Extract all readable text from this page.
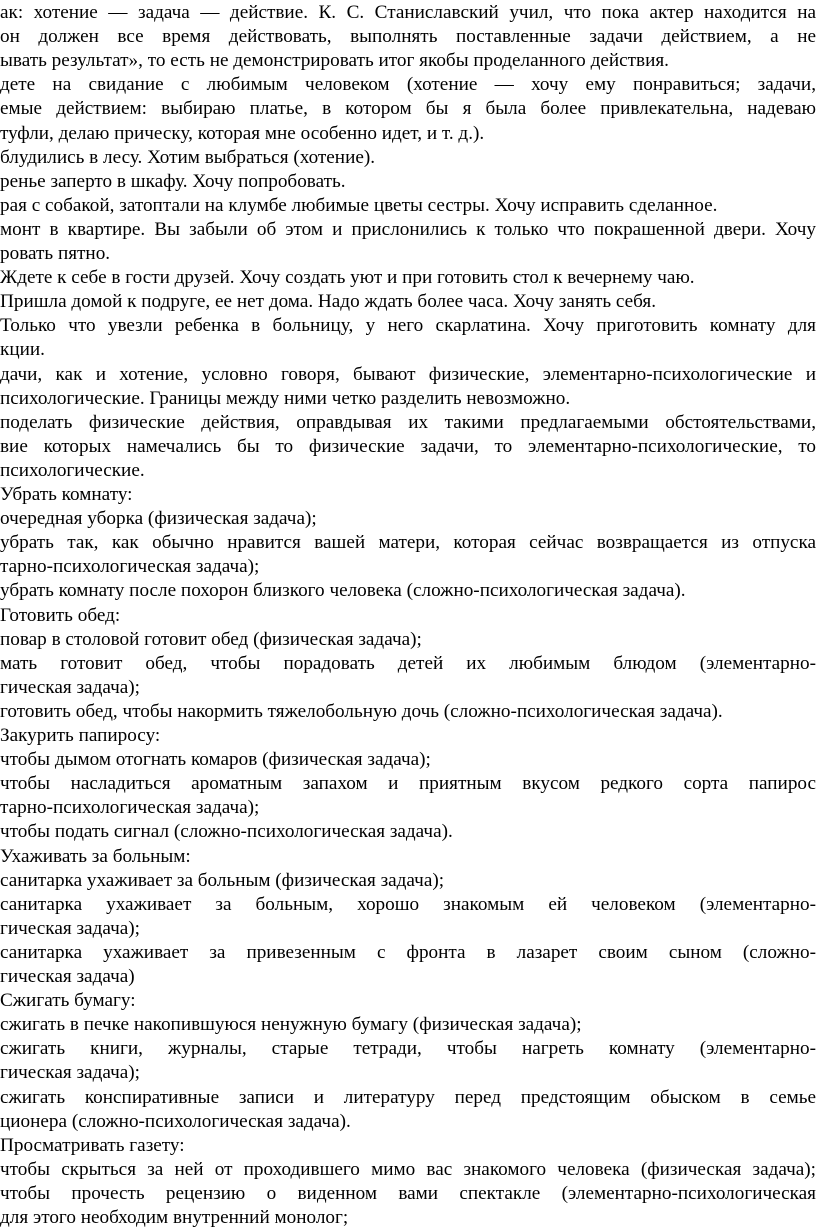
ак: хотение — задача — действие. К. С. Станиславский учил, что пока актер находится на
он должен все время действовать, выполнять поставленные задачи действием, а не
ывать результат», то есть не демонстрировать итог якобы проделанного действия.
дете на свидание с любимым человеком (хотение — хочу ему понравиться; задачи,
емые действием: выбираю платье, в котором бы я была более привлекательна, надеваю
туфли, делаю прическу, которая мне особенно идет, и т. д.).
блудились в лесу. Хотим выбраться (хотение).
ренье заперто в шкафу. Хочу попробовать.
рая с собакой, затоптали на клумбе любимые цветы сестры. Хочу исправить сделанное.
монт в квартире. Вы забыли об этом и прислонились к только что покрашенной двери. Хочу
ровать пятно.
Ждете к себе в гости друзей. Хочу создать уют и при готовить стол к вечернему чаю.
Пришла домой к подруге, ее нет дома. Надо ждать более часа. Хочу занять себя.
Только что увезли ребенка в больницу, у него скарлатина. Хочу приготовить комнату для
кции.
дачи, как и хотение, условно говоря, бывают физические, элементарно-психологические и
психологические. Границы между ними четко разделить невозможно.
поделать физические действия, оправдывая их такими предлагаемыми обстоятельствами,
вие которых намечались бы то физические задачи, то элементарно-психологические, то
психологические.
Убрать комнату:
очередная уборка (физическая задача);
убрать так, как обычно нравится вашей матери, которая сейчас возвращается из отпуска
тарно-психологическая задача);
убрать комнату после похорон близкого человека (сложно-психологическая задача).
Готовить обед:
повар в столовой готовит обед (физическая задача);
мать готовит обед, чтобы порадовать детей их любимым блюдом (элементарно-
гическая задача);
готовить обед, чтобы накормить тяжелобольную дочь (сложно-психологическая задача).
Закурить папиросу:
чтобы дымом отогнать комаров (физическая задача);
чтобы насладиться ароматным запахом и приятным вкусом редкого сорта папирос
тарно-психологическая задача);
чтобы подать сигнал (сложно-психологическая задача).
Ухаживать за больным:
санитарка ухаживает за больным (физическая задача);
санитарка ухаживает за больным, хорошо знакомым ей человеком (элементарно-
гическая задача);
санитарка ухаживает за привезенным с фронта в лазарет своим сыном (сложно-
гическая задача)
Сжигать бумагу:
сжигать в печке накопившуюся ненужную бумагу (физическая задача);
сжигать книги, журналы, старые тетради, чтобы нагреть комнату (элементарно-
гическая задача);
сжигать конспиративные записи и литературу перед предстоящим обыском в семье
ционера (сложно-психологическая задача).
Просматривать газету:
чтобы скрыться за ней от проходившего мимо вас знакомого человека (физическая задача);
чтобы прочесть рецензию о виденном вами спектакле (элементарно-психологическая
для этого необходим внутренний монолог;
